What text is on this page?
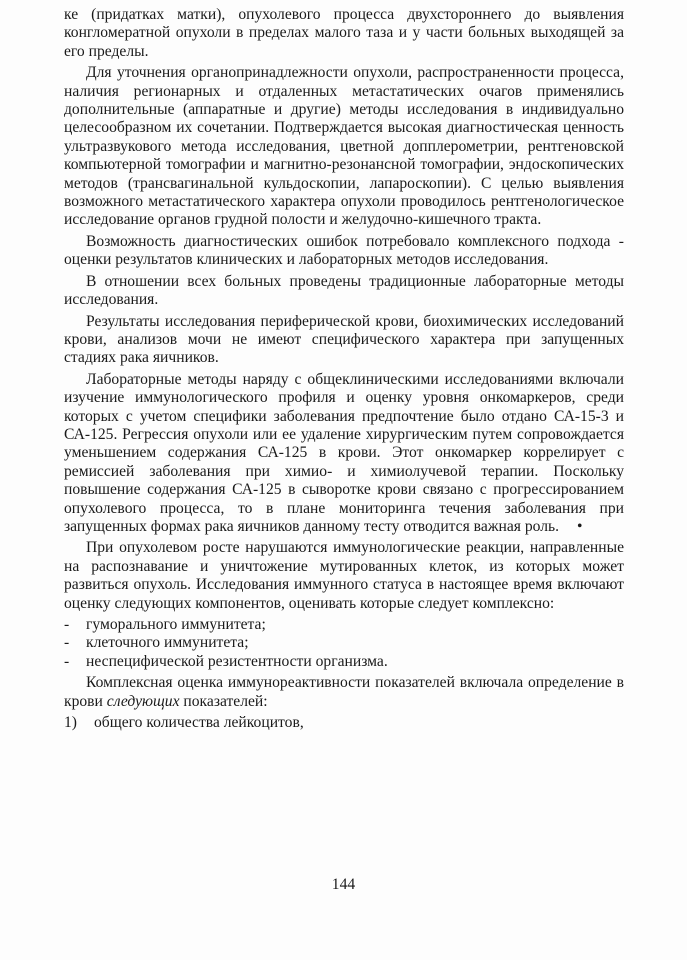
ке (придатках матки), опухолевого процесса двухстороннего до выявления конгломератной опухоли в пределах малого таза и у части больных выходящей за его пределы.

Для уточнения органопринадлежности опухоли, распространенности процесса, наличия регионарных и отдаленных метастатических очагов применялись дополнительные (аппаратные и другие) методы исследования в индивидуально целесообразном их сочетании. Подтверждается высокая диагностическая ценность ультразвукового метода исследования, цветной допплерометрии, рентгеновской компьютерной томографии и магнитно-резонансной томографии, эндоскопических методов (трансвагинальной кульдоскопии, лапароскопии). С целью выявления возможного метастатического характера опухоли проводилось рентгенологическое исследование органов грудной полости и желудочно-кишечного тракта.

Возможность диагностических ошибок потребовало комплексного подхода - оценки результатов клинических и лабораторных методов исследования.

В отношении всех больных проведены традиционные лабораторные методы исследования.

Результаты исследования периферической крови, биохимических исследований крови, анализов мочи не имеют специфического характера при запущенных стадиях рака яичников.

Лабораторные методы наряду с общеклиническими исследованиями включали изучение иммунологического профиля и оценку уровня онкомаркеров, среди которых с учетом специфики заболевания предпочтение было отдано СА-15-3 и СА-125. Регрессия опухоли или ее удаление хирургическим путем сопровождается уменьшением содержания СА-125 в крови. Этот онкомаркер коррелирует с ремиссией заболевания при химио- и химиолучевой терапии. Поскольку повышение содержания СА-125 в сыворотке крови связано с прогрессированием опухолевого процесса, то в плане мониторинга течения заболевания при запущенных формах рака яичников данному тесту отводится важная роль. •

При опухолевом росте нарушаются иммунологические реакции, направленные на распознавание и уничтожение мутированных клеток, из которых может развиться опухоль. Исследования иммунного статуса в настоящее время включают оценку следующих компонентов, оценивать которые следует комплексно:

-	гуморального иммунитета;
-	клеточного иммунитета;
-	неспецифической резистентности организма.

Комплексная оценка иммунореактивности показателей включала определение в крови следующих показателей:

1)	общего количества лейкоцитов,
144
